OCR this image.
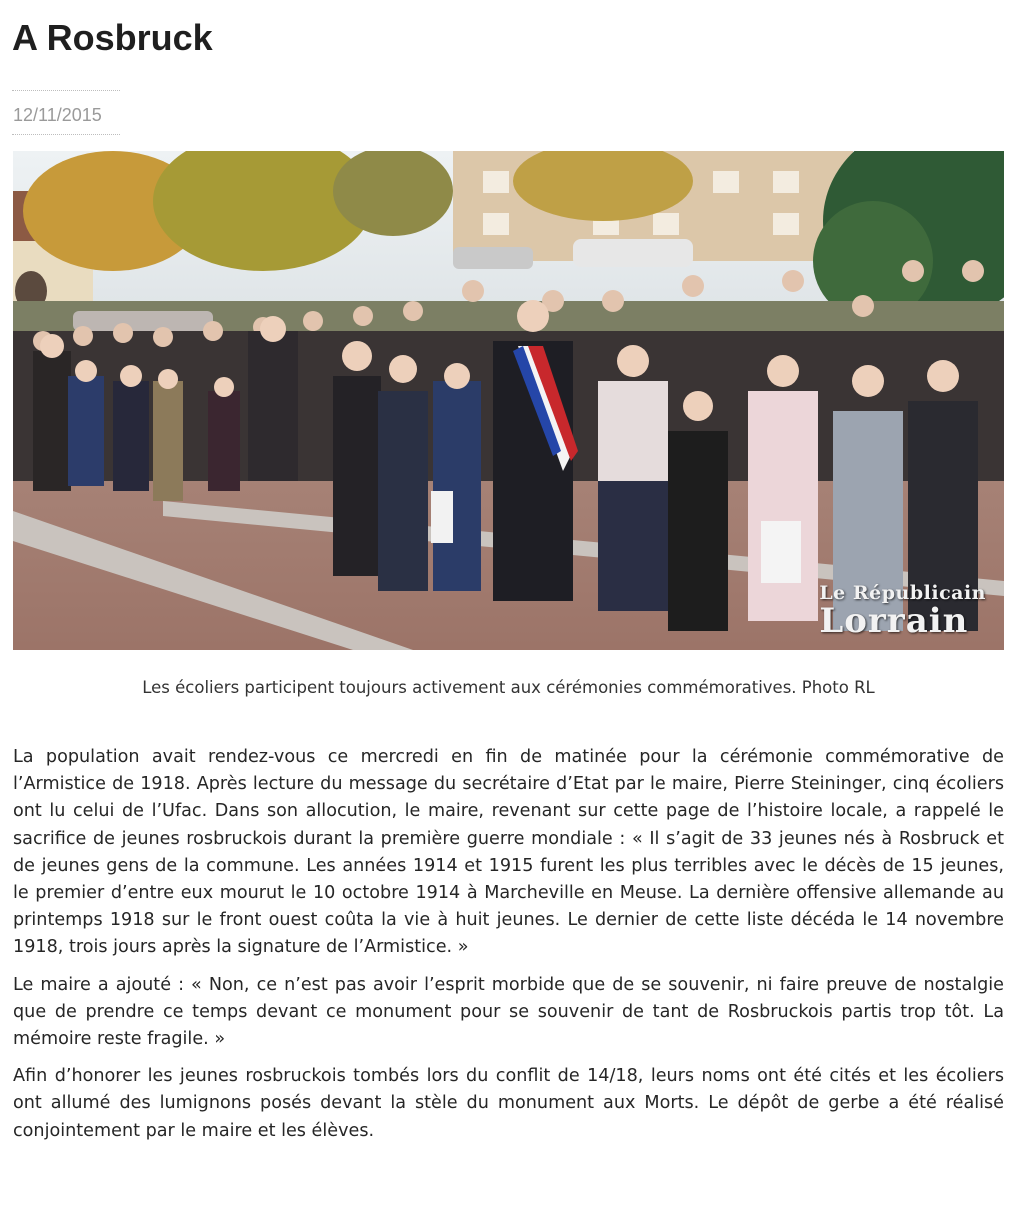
A Rosbruck
12/11/2015
Le Républicain
Lorrain
Les écoliers participent toujours activement aux cérémonies commémoratives. Photo RL

La population avait rendez-vous ce mercredi en fin de matinée pour la cérémonie commémorative de l’Armistice de 1918. Après lecture du message du secrétaire d’Etat par le maire, Pierre Steininger, cinq écoliers ont lu celui de l’Ufac. Dans son allocution, le maire, revenant sur cette page de l’histoire locale, a rappelé le sacrifice de jeunes rosbruckois durant la première guerre mondiale : « Il s’agit de 33 jeunes nés à Rosbruck et de jeunes gens de la commune. Les années 1914 et 1915 furent les plus terribles avec le décès de 15 jeunes, le premier d’entre eux mourut le 10 octobre 1914 à Marcheville en Meuse. La dernière offensive allemande au printemps 1918 sur le front ouest coûta la vie à huit jeunes. Le dernier de cette liste décéda le 14 novembre 1918, trois jours après la signature de l’Armistice. »

Le maire a ajouté : « Non, ce n’est pas avoir l’esprit morbide que de se souvenir, ni faire preuve de nostalgie que de prendre ce temps devant ce monument pour se souvenir de tant de Rosbruckois partis trop tôt. La mémoire reste fragile. »

Afin d’honorer les jeunes rosbruckois tombés lors du conflit de 14/18, leurs noms ont été cités et les écoliers ont allumé des lumignons posés devant la stèle du monument aux Morts. Le dépôt de gerbe a été réalisé conjointement par le maire et les élèves.
